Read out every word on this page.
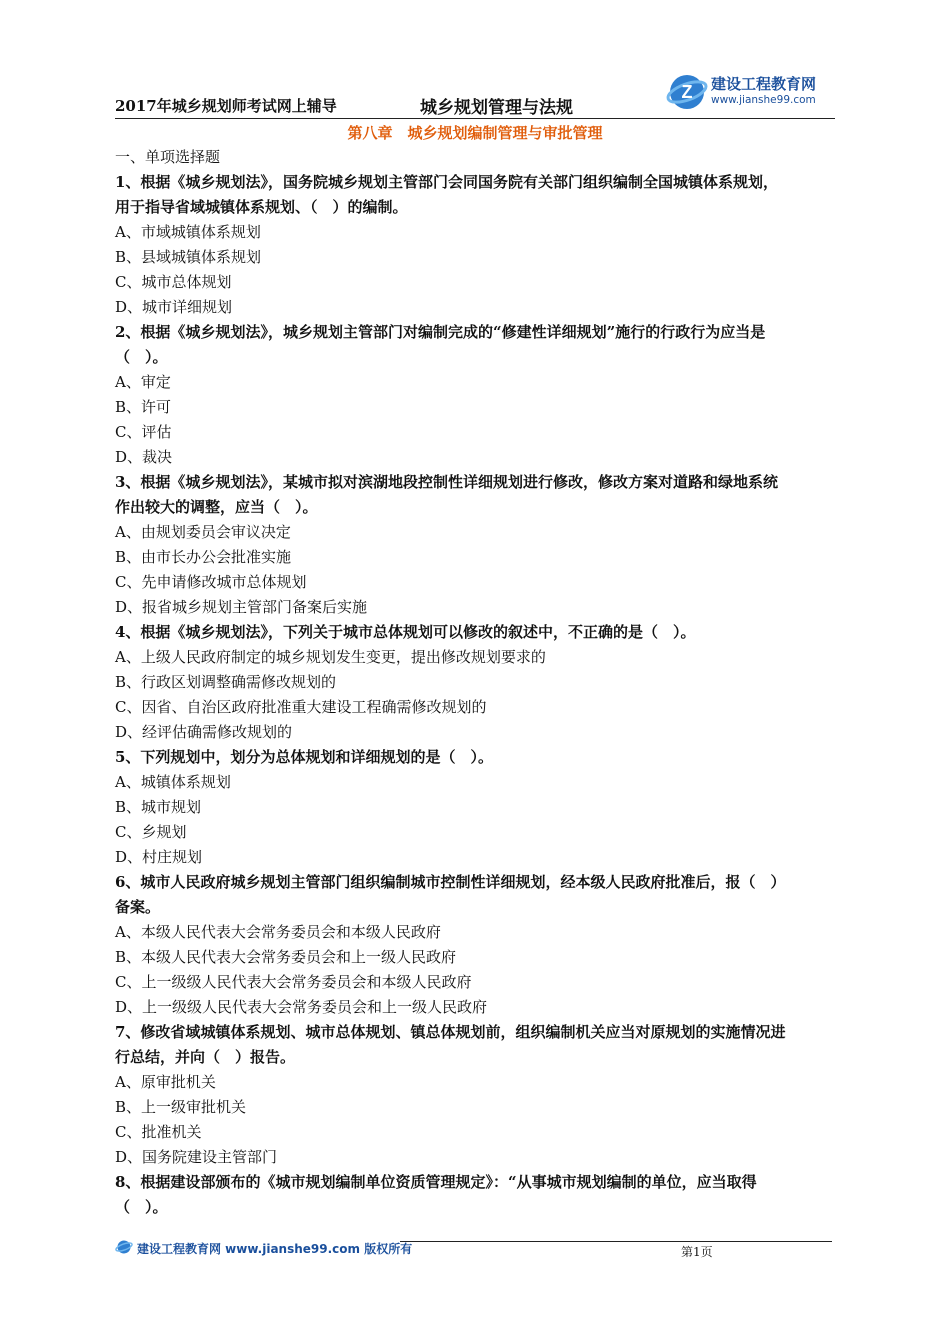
2017年城乡规划师考试网上辅导	城乡规划管理与法规
Z 建设工程教育网
www.jianshe99.com
第八章　城乡规划编制管理与审批管理
一、单项选择题
1、根据《城乡规划法》，国务院城乡规划主管部门会同国务院有关部门组织编制全国城镇体系规划，
用于指导省域城镇体系规划、（　）的编制。
A、市域城镇体系规划
B、县域城镇体系规划
C、城市总体规划
D、城市详细规划
2、根据《城乡规划法》，城乡规划主管部门对编制完成的“修建性详细规划”施行的行政行为应当是
（　）。
A、审定
B、许可
C、评估
D、裁决
3、根据《城乡规划法》，某城市拟对滨湖地段控制性详细规划进行修改，修改方案对道路和绿地系统
作出较大的调整，应当（　）。
A、由规划委员会审议决定
B、由市长办公会批准实施
C、先申请修改城市总体规划
D、报省城乡规划主管部门备案后实施
4、根据《城乡规划法》，下列关于城市总体规划可以修改的叙述中，不正确的是（　）。
A、上级人民政府制定的城乡规划发生变更，提出修改规划要求的
B、行政区划调整确需修改规划的
C、因省、自治区政府批准重大建设工程确需修改规划的
D、经评估确需修改规划的
5、下列规划中，划分为总体规划和详细规划的是（　）。
A、城镇体系规划
B、城市规划
C、乡规划
D、村庄规划
6、城市人民政府城乡规划主管部门组织编制城市控制性详细规划，经本级人民政府批准后，报（　）
备案。
A、本级人民代表大会常务委员会和本级人民政府
B、本级人民代表大会常务委员会和上一级人民政府
C、上一级级人民代表大会常务委员会和本级人民政府
D、上一级级人民代表大会常务委员会和上一级人民政府
7、修改省域城镇体系规划、城市总体规划、镇总体规划前，组织编制机关应当对原规划的实施情况进
行总结，并向（　）报告。
A、原审批机关
B、上一级审批机关
C、批准机关
D、国务院建设主管部门
8、根据建设部颁布的《城市规划编制单位资质管理规定》：“从事城市规划编制的单位，应当取得
（　）。
建设工程教育网 www.jianshe99.com 版权所有	第1页
